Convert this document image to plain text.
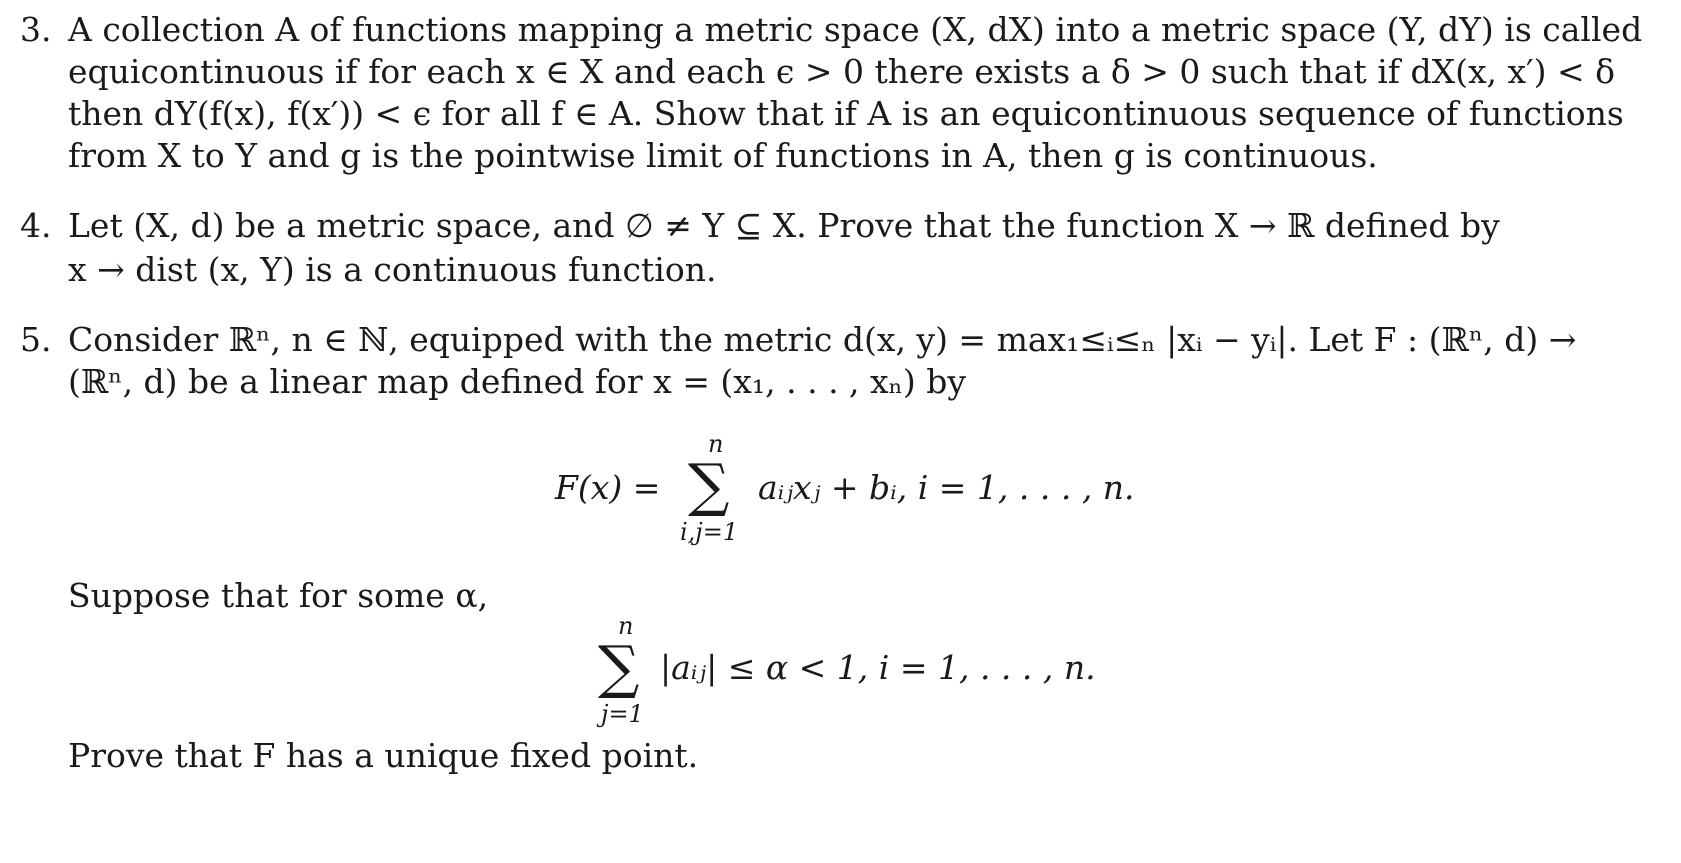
3. A collection A of functions mapping a metric space (X, dX) into a metric space (Y, dY) is called
equicontinuous if for each x ∈ X and each ϵ > 0 there exists a δ > 0 such that if dX(x, x′) < δ
then dY(f(x), f(x′)) < ϵ for all f ∈ A. Show that if A is an equicontinuous sequence of functions
from X to Y and g is the pointwise limit of functions in A, then g is continuous.
4. Let (X, d) be a metric space, and ∅ ≠ Y ⊆ X. Prove that the function X → ℝ defined by
x → dist (x, Y) is a continuous function.
5. Consider ℝⁿ, n ∈ ℕ, equipped with the metric d(x, y) = max₁≤ᵢ≤ₙ |xᵢ − yᵢ|. Let F : (ℝⁿ, d) →
(ℝⁿ, d) be a linear map defined for x = (x₁, . . . , xₙ) by
F(x) =
n
∑
i,j=1
aᵢⱼxⱼ + bᵢ, i = 1, . . . , n.
Suppose that for some α,
n
∑
j=1
|aᵢⱼ| ≤ α < 1, i = 1, . . . , n.
Prove that F has a unique fixed point.
